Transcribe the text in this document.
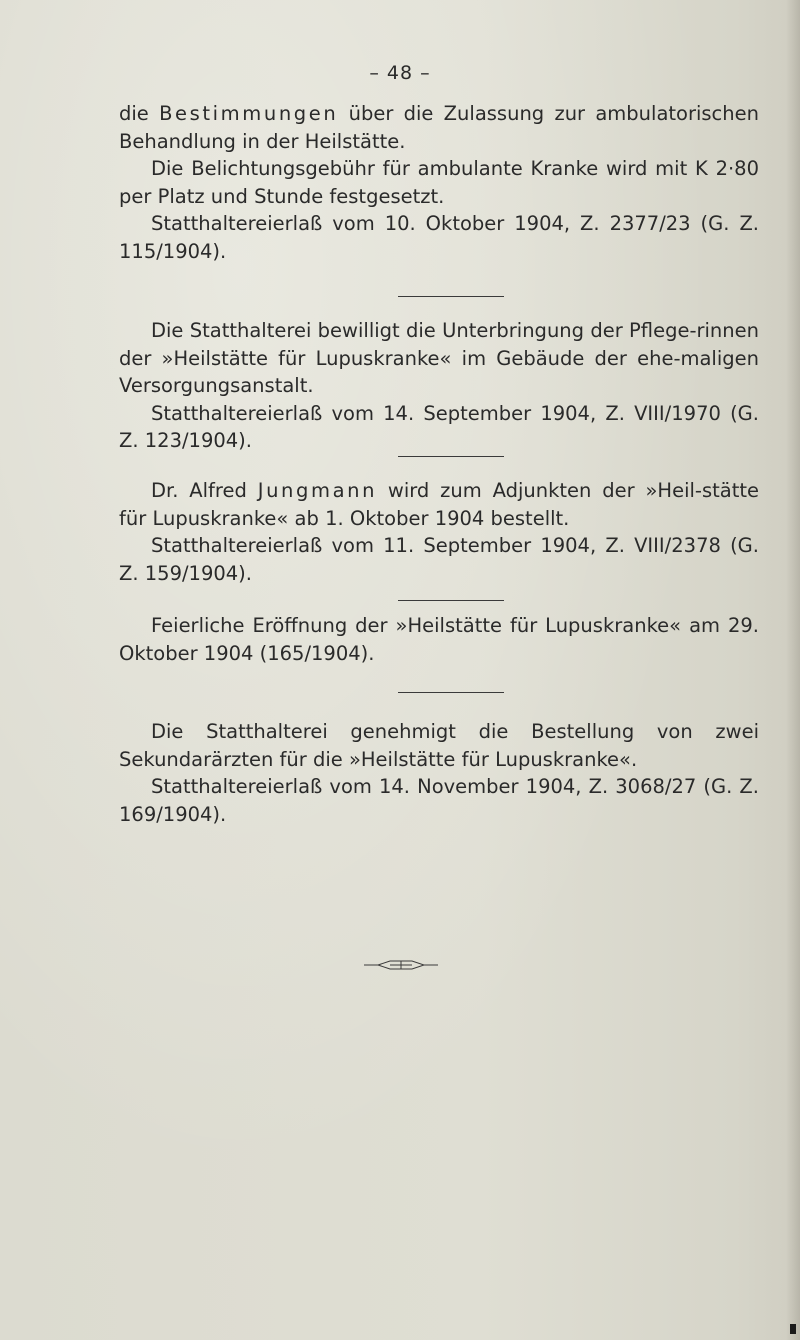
– 48 –

die Bestimmungen über die Zulassung zur ambulatorischen Behandlung in der Heilstätte.

Die Belichtungsgebühr für ambulante Kranke wird mit K 2·80 per Platz und Stunde festgesetzt.

Statthaltereierlaß vom 10. Oktober 1904, Z. 2377/23 (G. Z. 115/1904).

Die Statthalterei bewilligt die Unterbringung der Pflege-rinnen der »Heilstätte für Lupuskranke« im Gebäude der ehe-maligen Versorgungsanstalt.

Statthaltereierlaß vom 14. September 1904, Z. VIII/1970 (G. Z. 123/1904).

Dr. Alfred Jungmann wird zum Adjunkten der »Heil-stätte für Lupuskranke« ab 1. Oktober 1904 bestellt.

Statthaltereierlaß vom 11. September 1904, Z. VIII/2378 (G. Z. 159/1904).

Feierliche Eröffnung der »Heilstätte für Lupuskranke« am 29. Oktober 1904 (165/1904).

Die Statthalterei genehmigt die Bestellung von zwei Sekundarärzten für die »Heilstätte für Lupuskranke«.

Statthaltereierlaß vom 14. November 1904, Z. 3068/27 (G. Z. 169/1904).
